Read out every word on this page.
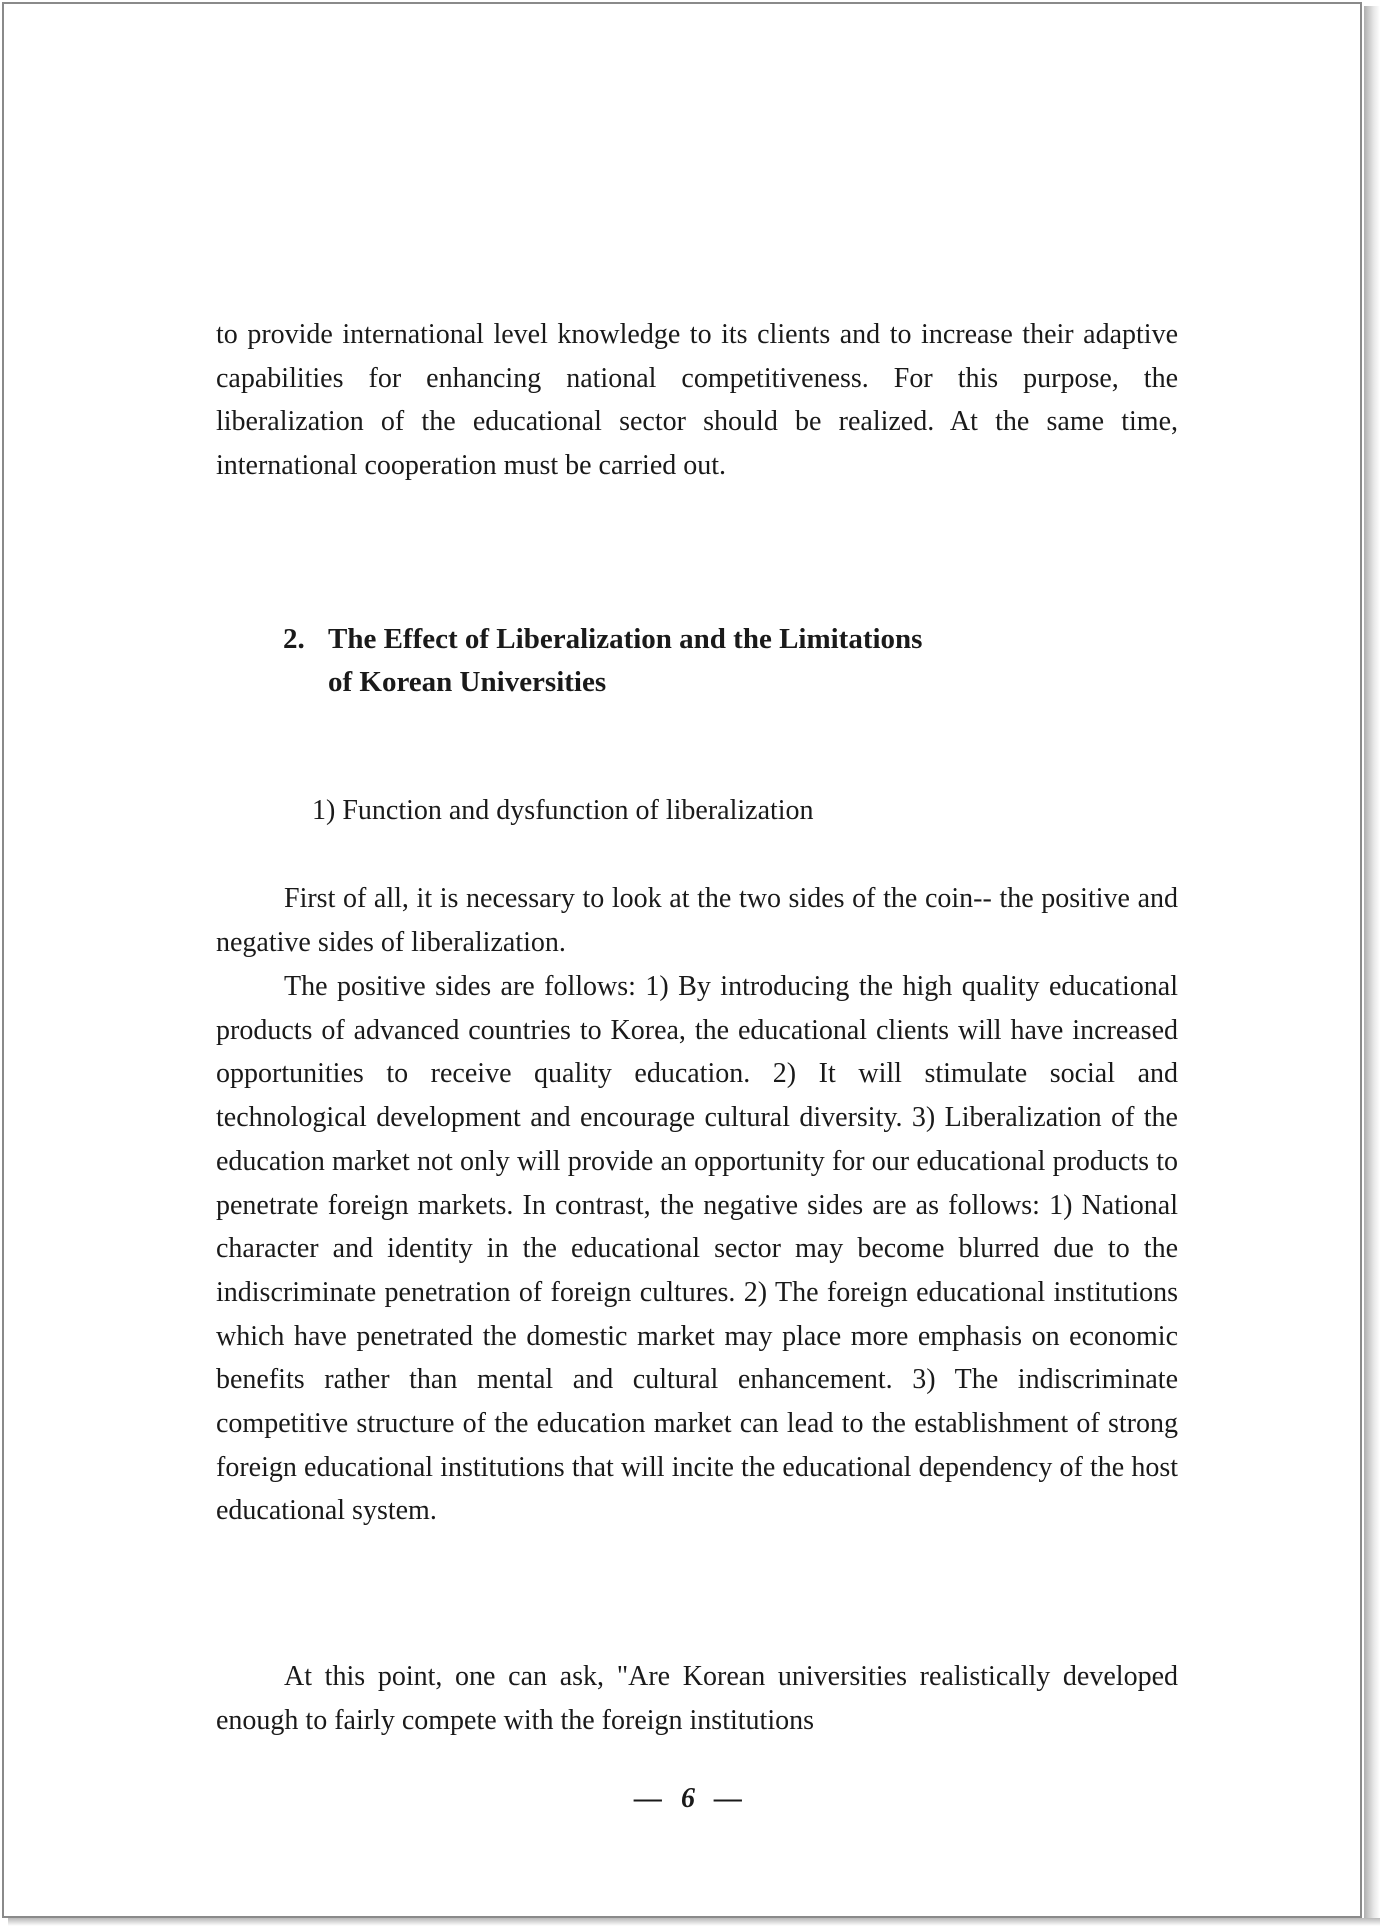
to provide international level knowledge to its clients and to increase their adaptive capabilities for enhancing national competitiveness. For this purpose, the liberalization of the educational sector should be realized. At the same time, international cooperation must be carried out.

2. The Effect of Liberalization and the Limitations
of Korean Universities

1) Function and dysfunction of liberalization

First of all, it is necessary to look at the two sides of the coin-- the positive and negative sides of liberalization.

The positive sides are follows: 1) By introducing the high quality educational products of advanced countries to Korea, the educational clients will have increased opportunities to receive quality education. 2) It will stimulate social and technological development and encourage cultural diversity. 3) Liberalization of the education market not only will provide an opportunity for our educational products to penetrate foreign markets. In contrast, the negative sides are as follows: 1) National character and identity in the educational sector may become blurred due to the indiscriminate penetration of foreign cultures. 2) The foreign educational institutions which have penetrated the domestic market may place more emphasis on economic benefits rather than mental and cultural enhancement. 3) The indiscriminate competitive structure of the education market can lead to the establishment of strong foreign educational institutions that will incite the educational dependency of the host educational system.

At this point, one can ask, "Are Korean universities realistically developed enough to fairly compete with the foreign institutions

— 6 —
